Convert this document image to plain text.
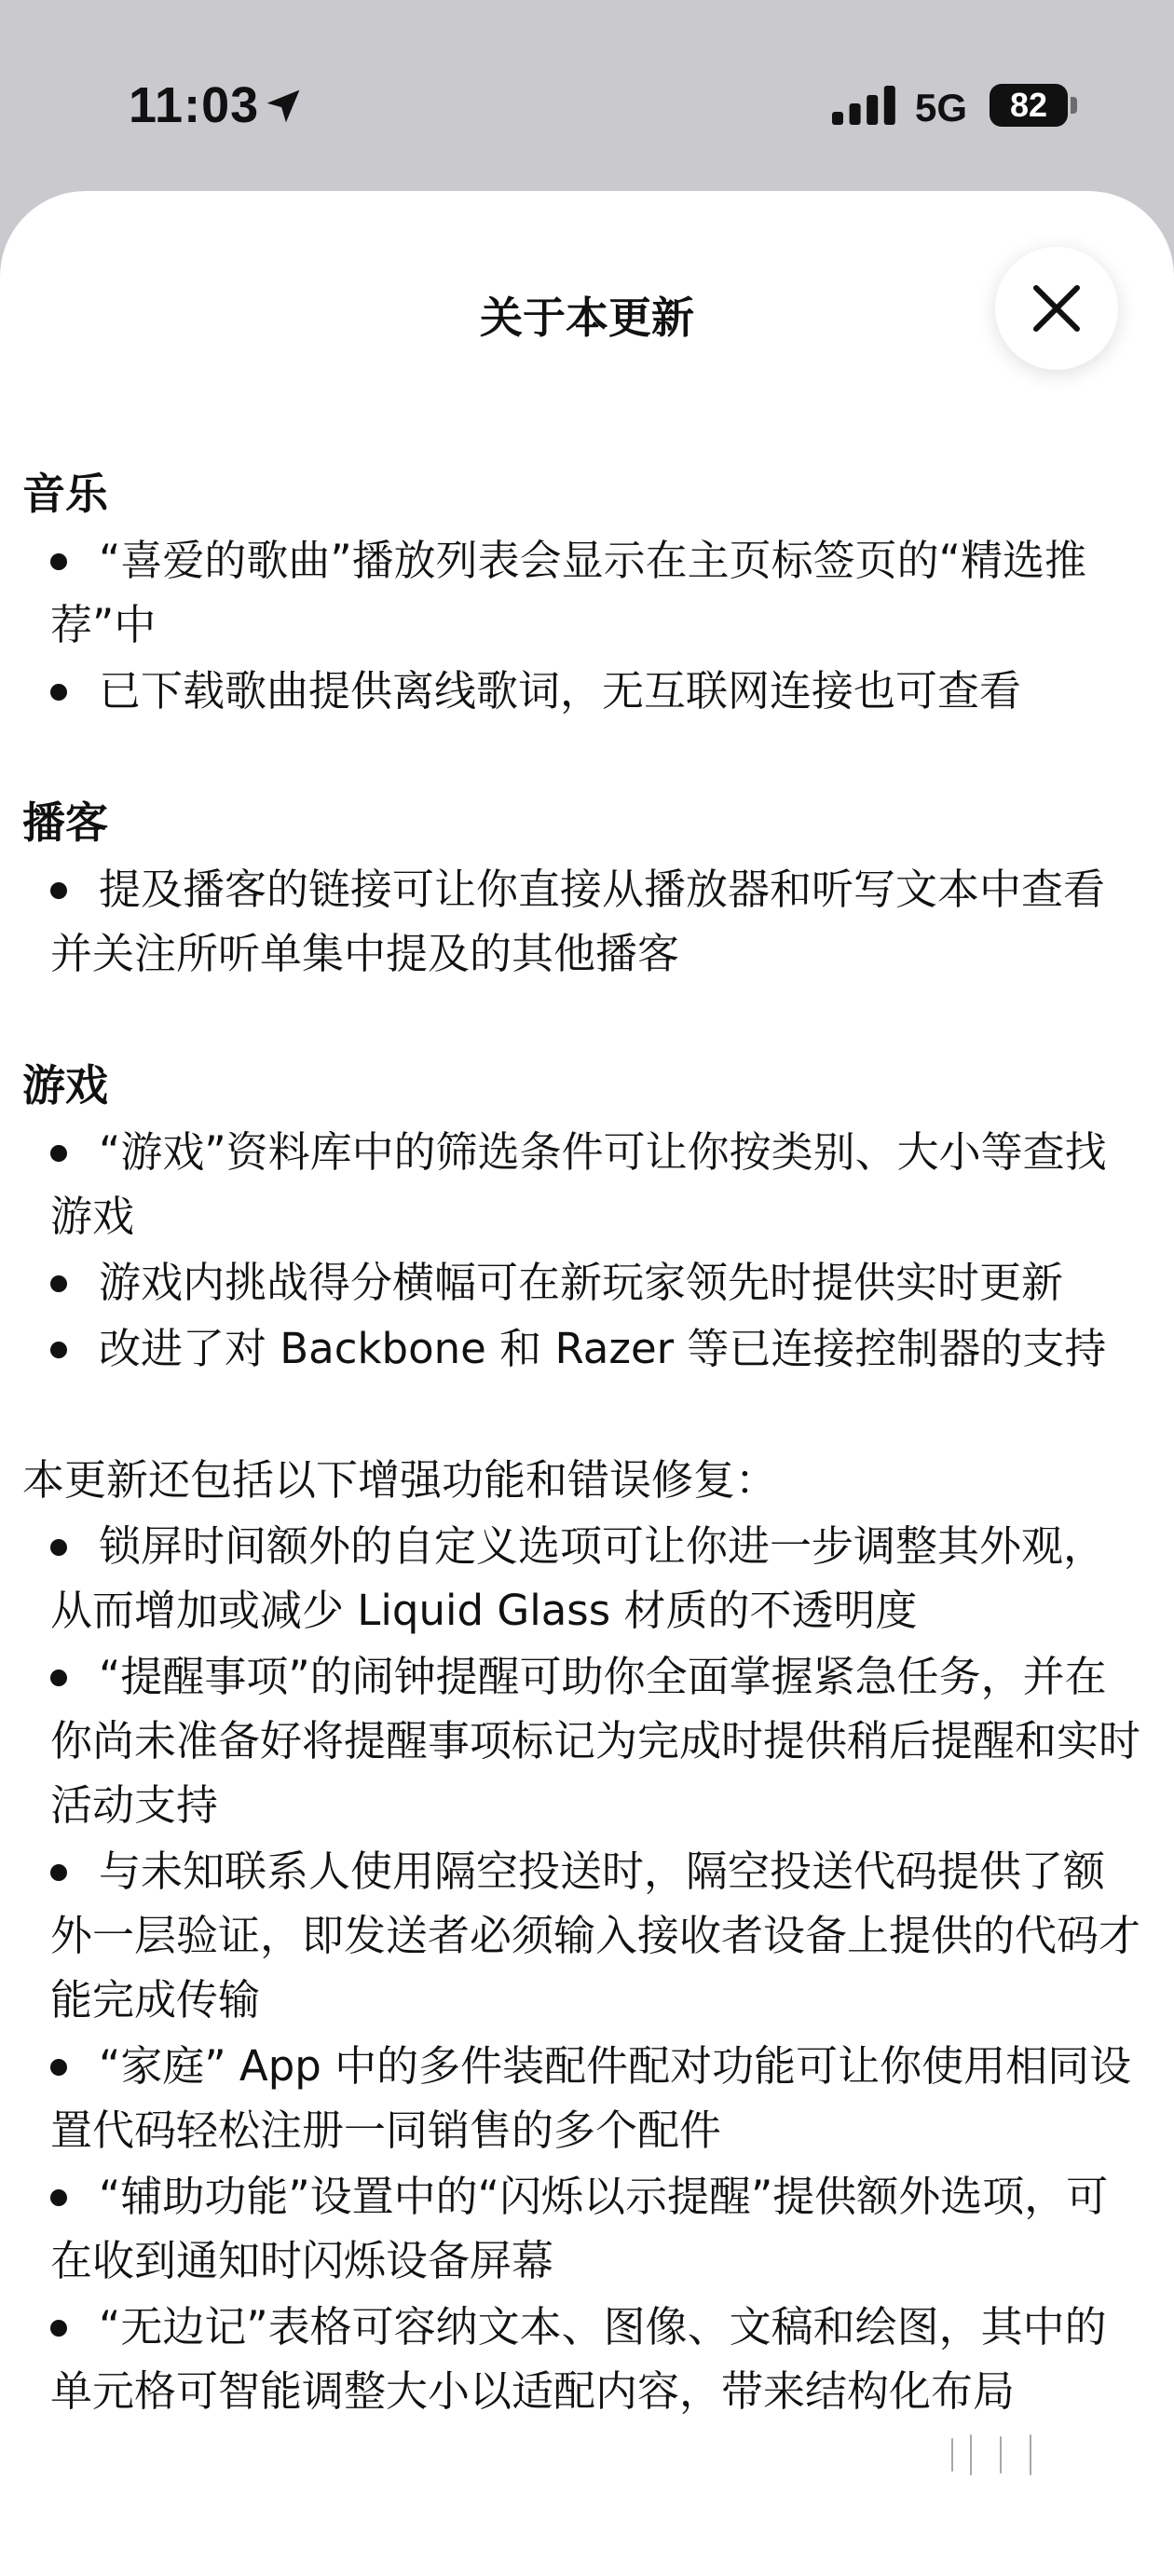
11:03	5G	82
关于本更新
音乐
“喜爱的歌曲”播放列表会显示在主页标签页的“精选推荐”中
已下载歌曲提供离线歌词，无互联网连接也可查看
播客
提及播客的链接可让你直接从播放器和听写文本中查看并关注所听单集中提及的其他播客
游戏
“游戏”资料库中的筛选条件可让你按类别、大小等查找游戏
游戏内挑战得分横幅可在新玩家领先时提供实时更新
改进了对 Backbone 和 Razer 等已连接控制器的支持
本更新还包括以下增强功能和错误修复：
锁屏时间额外的自定义选项可让你进一步调整其外观，从而增加或减少 Liquid Glass 材质的不透明度
“提醒事项”的闹钟提醒可助你全面掌握紧急任务，并在你尚未准备好将提醒事项标记为完成时提供稍后提醒和实时活动支持
与未知联系人使用隔空投送时，隔空投送代码提供了额外一层验证，即发送者必须输入接收者设备上提供的代码才能完成传输
“家庭” App 中的多件装配件配对功能可让你使用相同设置代码轻松注册一同销售的多个配件
“辅助功能”设置中的“闪烁以示提醒”提供额外选项，可在收到通知时闪烁设备屏幕
“无边记”表格可容纳文本、图像、文稿和绘图，其中的单元格可智能调整大小以适配内容，带来结构化布局
